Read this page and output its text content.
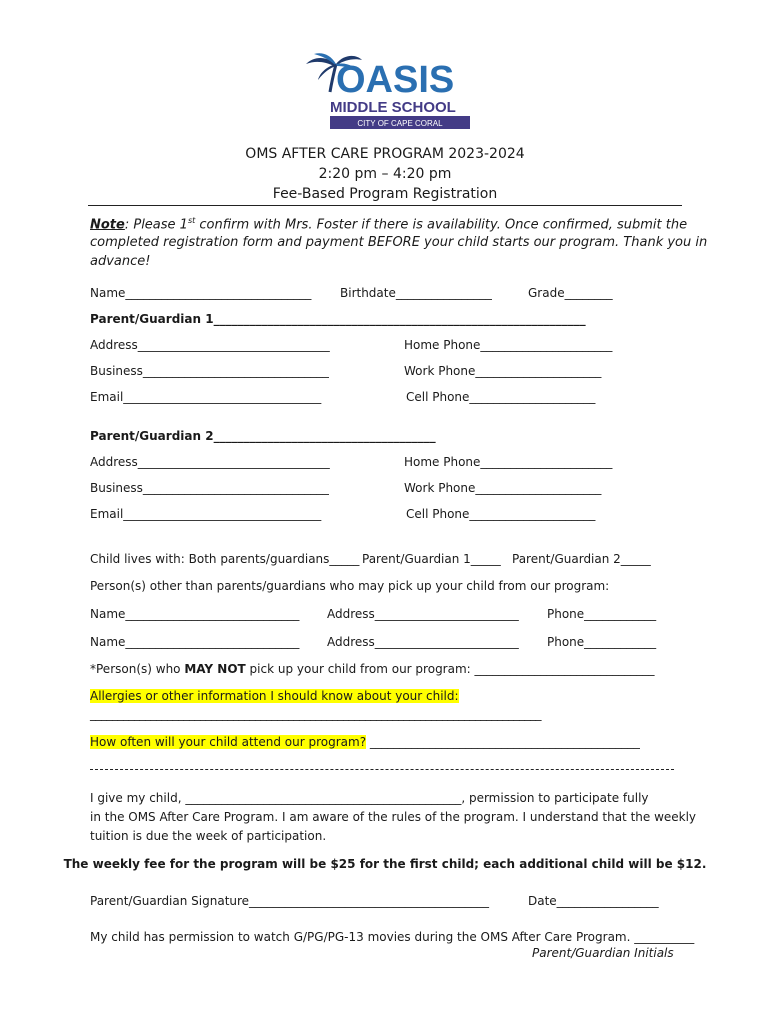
OASIS
MIDDLE SCHOOL
CITY OF CAPE CORAL
OMS AFTER CARE PROGRAM 2023-2024
2:20 pm – 4:20 pm
Fee-Based Program Registration
Note: Please 1st confirm with Mrs. Foster if there is availability. Once confirmed, submit the
completed registration form and payment BEFORE your child starts our program. Thank you in
advance!
Name_______________________________ Birthdate________________	Grade________
Parent/Guardian 1______________________________________________________________
Address________________________________	Home Phone______________________
Business_______________________________	Work Phone_____________________
Email_________________________________	Cell Phone_____________________
Parent/Guardian 2_____________________________________
Address________________________________	Home Phone______________________
Business_______________________________	Work Phone_____________________
Email_________________________________	Cell Phone_____________________
Child lives with: Both parents/guardians_____ Parent/Guardian 1_____ Parent/Guardian 2_____
Person(s) other than parents/guardians who may pick up your child from our program:
Name_____________________________ Address________________________ Phone____________
Name_____________________________ Address________________________ Phone____________
*Person(s) who MAY NOT pick up your child from our program: ______________________________
Allergies or other information I should know about your child:
__________________________________________________________________________________
How often will your child attend our program? _____________________________________________
I give my child, ______________________________________________, permission to participate fully
in the OMS After Care Program. I am aware of the rules of the program. I understand that the weekly
tuition is due the week of participation.
The weekly fee for the program will be $25 for the first child; each additional child will be $12.
Parent/Guardian Signature________________________________________	Date_________________
My child has permission to watch G/PG/PG-13 movies during the OMS After Care Program. __________
Parent/Guardian Initials
